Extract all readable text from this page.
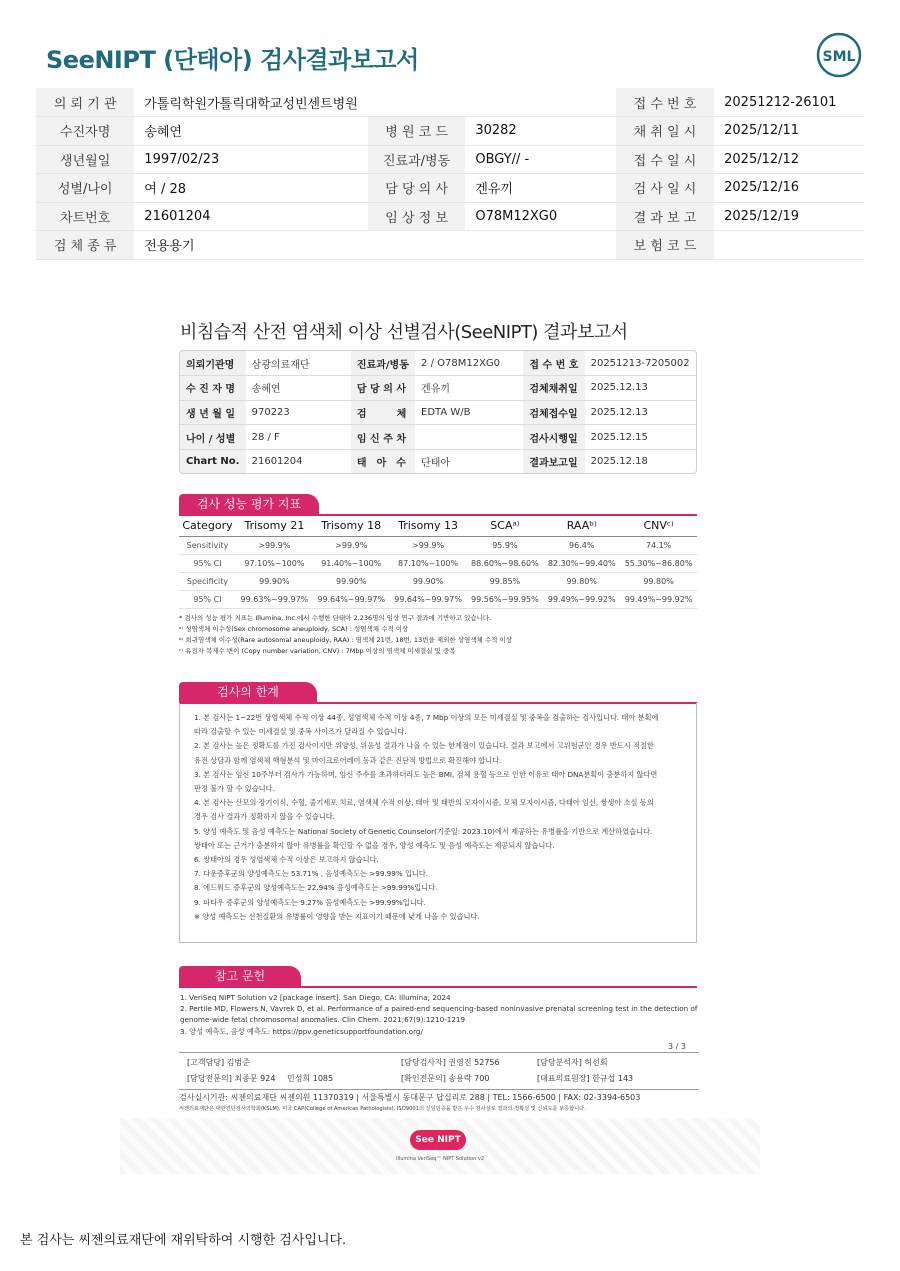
SeeNIPT (단태아) 검사결과보고서	SML
의 뢰 기 관	가톨릭학원가톨릭대학교성빈센트병원			접 수 번 호	20251212-26101
수진자명	송혜연	병 원 코 드	30282	채 취 일 시	2025/12/11
생년월일	1997/02/23	진료과/병동	OBGY// -	접 수 일 시	2025/12/12
성별/나이	여 / 28	담 당 의 사	겐유끼	검 사 일 시	2025/12/16
차트번호	21601204	임 상 정 보	O78M12XG0	결 과 보 고	2025/12/19
검 체 종 류	전용용기			보 험 코 드	
비침습적 산전 염색체 이상 선별검사(SeeNIPT) 결과보고서
의뢰기관명	삼광의료재단	진료과/병동	2 / O78M12XG0	접 수 번 호	20251213-7205002
수 진 자 명	송혜연	담 당 의 사	겐유끼	검체채취일	2025.12.13
생 년 월 일	970223	검　　　체	EDTA W/B	검체접수일	2025.12.13
나이 / 성별	28 / F	임 신 주 차		검사시행일	2025.12.15
Chart No.	21601204	태　아　수	단태아	결과보고일	2025.12.18
검사 성능 평가 지표
Category	Trisomy 21	Trisomy 18	Trisomy 13	SCAᵃ⁾	RAAᵇ⁾	CNVᶜ⁾
Sensitivity	>99.9%	>99.9%	>99.9%	95.9%	96.4%	74.1%
95% CI	97.10%~100%	91.40%~100%	87.10%~100%	88.60%~98.60%	82.30%~99.40%	55.30%~86.80%
Specificity	99.90%	99.90%	99.90%	99.85%	99.80%	99.80%
95% CI	99.63%~99.97%	99.64%~99.97%	99.64%~99.97%	99.56%~99.95%	99.49%~99.92%	99.49%~99.92%
* 검사의 성능 평가 지표는 Illumina, Inc.에서 수행한 단태아 2,236명의 임상 연구 결과에 기반하고 있습니다.
ᵃ⁾ 성염색체 이수성(Sex chromosome aneuploidy, SCA) : 성염색체 수적 이상
ᵇ⁾ 희귀염색체 이수성(Rare autosomal aneuploidy, RAA) : 염색체 21번, 18번, 13번을 제외한 상염색체 수적 이상
ᶜ⁾ 유전자 복제수 변이 (Copy number variation, CNV) : 7Mbp 이상의 염색체 미세결실 및 중복
검사의 한계
1. 본 검사는 1~22번 상염색체 수적 이상 44종, 성염색체 수적 이상 4종, 7 Mbp 이상의 모든 미세결실 및 중복을 검출하는 검사입니다. 태아 분획에
따라 검출할 수 있는 미세결실 및 중복 사이즈가 달라질 수 있습니다.
2. 본 검사는 높은 정확도를 가진 검사이지만 위양성, 위음성 결과가 나올 수 있는 한계점이 있습니다. 결과 보고에서 고위험군인 경우 반드시 적절한
유전 상담과 함께 염색체 핵형분석 및 마이크로어레이 등과 같은 진단적 방법으로 확진해야 합니다.
3. 본 검사는 임신 10주부터 검사가 가능하며, 임신 주수를 초과하더라도 높은 BMI, 검체 용혈 등으로 인한 이유로 태아 DNA분획이 충분하지 않다면
판정 불가 할 수 있습니다.
4. 본 검사는 산모의 장기이식, 수혈, 줄기세포 치료, 염색체 수적 이상, 태아 및 태반의 모자이시즘, 모체 모자이시즘, 다태아 임신, 쌍생아 소실 등의
경우 검사 결과가 정확하지 않을 수 있습니다.
5. 양성 예측도 및 음성 예측도는 National Society of Genetic Counselor(기준일: 2023.10)에서 제공하는 유병률을 기반으로 계산하였습니다.
쌍태아 또는 근거가 충분하지 않아 유병률을 확인할 수 없을 경우, 양성 예측도 및 음성 예측도는 제공되지 않습니다.
6. 쌍태아의 경우 성염색체 수적 이상은 보고하지 않습니다.
7. 다운증후군의 양성예측도는 53.71% , 음성예측도는 >99.99% 입니다.
8. 에드워드 증후군의 양성예측도는 22.94% 음성예측도는 >99.99%입니다.
9. 파타우 증후군의 양성예측도는 9.27% 음성예측도는 >99.99%입니다.
※ 양성 예측도는 선천질환의 유병률이 영향을 받는 지표이기 때문에 낮게 나올 수 있습니다.
참고 문헌
1. VeriSeq NIPT Solution v2 [package insert]. San Diego, CA: Illumina; 2024
2. Pertile MD, Flowers N, Vavrek D, et al. Performance of a paired-end sequencing-based noninvasive prenatal screening test in the detection of
genome-wide fetal chromosomal anomalies. Clin Chem. 2021;67(9):1210-1219
3. 양성 예측도, 음성 예측도: https://ppv.geneticsupportfoundation.org/
3 / 3
[고객담당] 김범준	[담당검사자] 권영진 52756	[담당분석자] 허선회
[담당전문의] 최종문 924 민성희 1085	[확인전문의] 송용락 700	[대표의료원장] 한규섭 143
검사실시기관: 씨젠의료재단 씨젠의원 11370319 | 서울특별시 동대문구 답십리로 288 | TEL: 1566-6500 | FAX: 02-3394-6503
씨젠의료재단은 대한진단검사의학회(KSLM), 미국 CAP(College of American Pathologists), ISO9001의 신임인증을 받은 우수 검사실로 결과의 정확성 및 신뢰도를 보증합니다.
See NIPT
Illumina VeriSeq™ NIPT Solution v2
본 검사는 씨젠의료재단에 재위탁하여 시행한 검사입니다.
